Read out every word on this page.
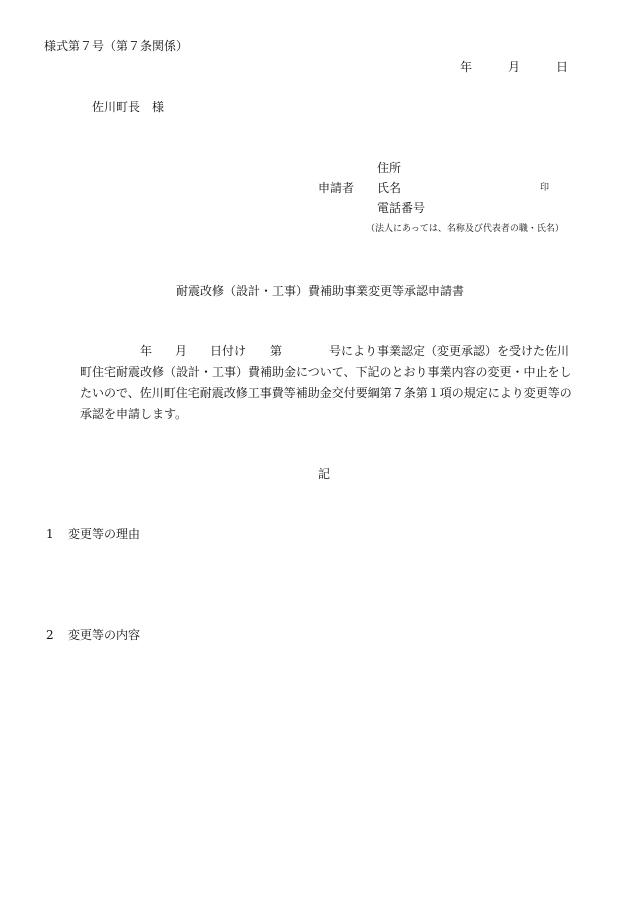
様式第７号（第７条関係）
年	月	日
佐川町長　様
住所
申請者 氏名	印
電話番号
（法人にあっては、名称及び代表者の職・氏名）
耐震改修（設計・工事）費補助事業変更等承認申請書
年 月 日付け 第	号により事業認定（変更承認）を受けた佐川
町住宅耐震改修（設計・工事）費補助金について、下記のとおり事業内容の変更・中止をし
たいので、佐川町住宅耐震改修工事費等補助金交付要綱第７条第１項の規定により変更等の
承認を申請します。
記
1 変更等の理由
2 変更等の内容
